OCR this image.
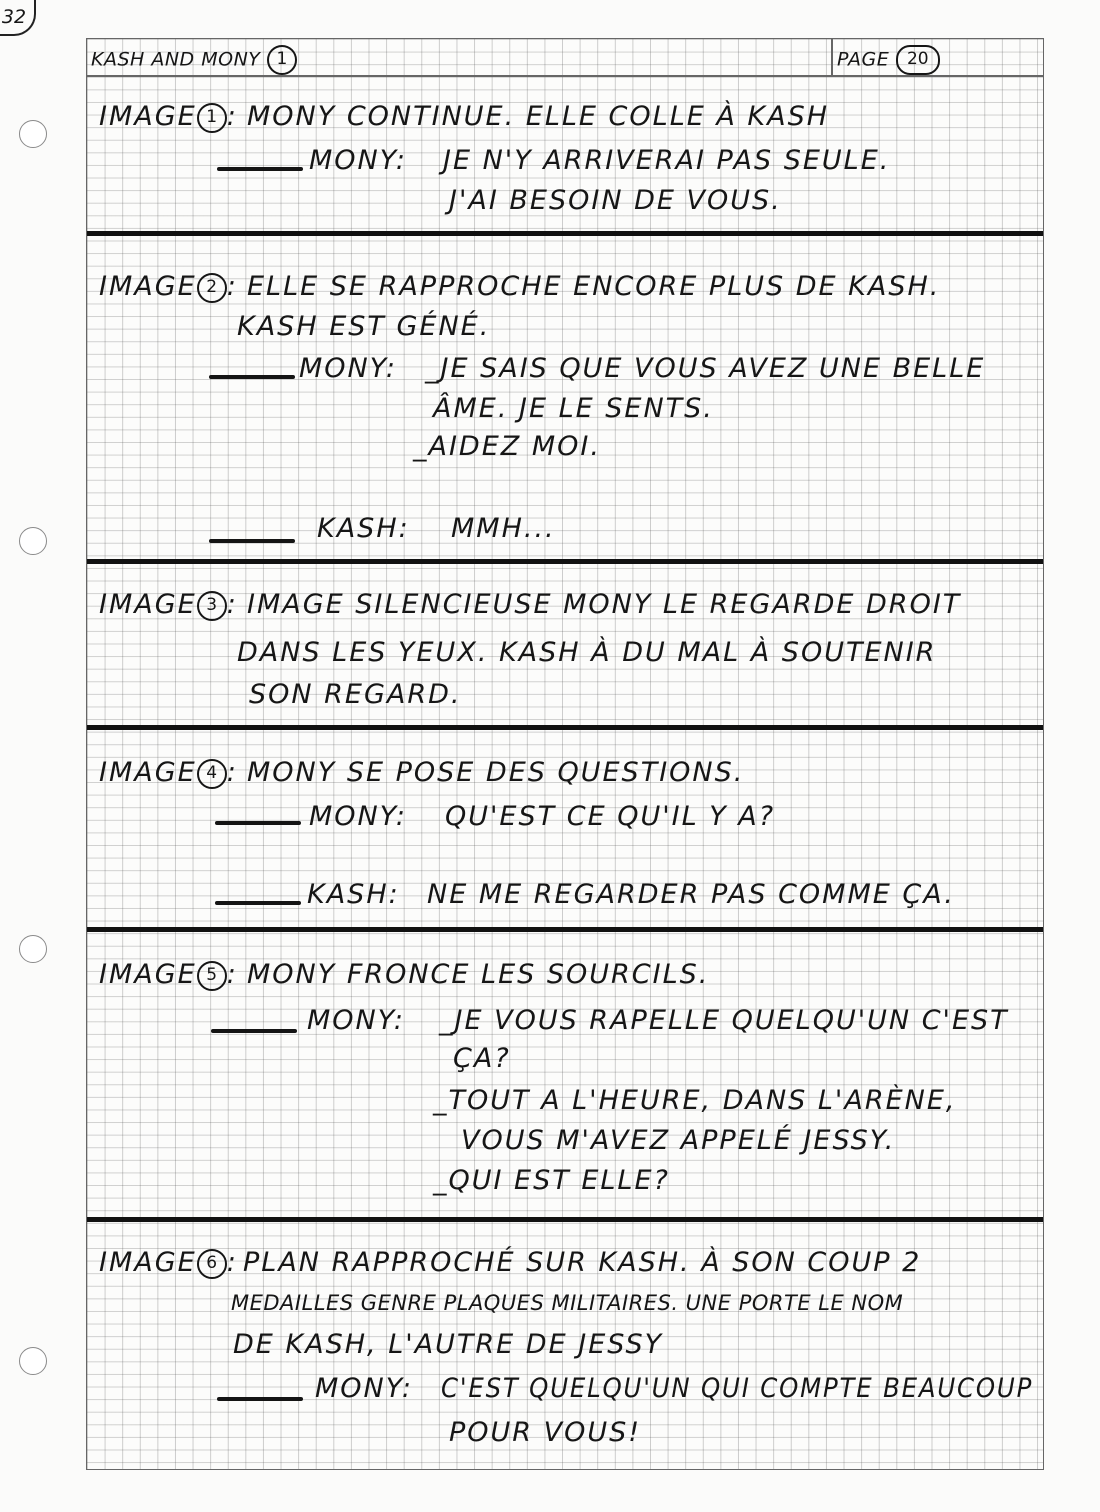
32
KASH AND MONY 1	PAGE 20
IMAGE 1 : MONY CONTINUE. ELLE COLLE À KASH
MONY: JE N'Y ARRIVERAI PAS SEULE.
J'AI BESOIN DE VOUS.
IMAGE 2 : ELLE SE RAPPROCHE ENCORE PLUS DE KASH.
KASH EST GÉNÉ.
MONY: _JE SAIS QUE VOUS AVEZ UNE BELLE
ÂME. JE LE SENTS.
_AIDEZ MOI.
KASH: MMH...
IMAGE 3 : IMAGE SILENCIEUSE MONY LE REGARDE DROIT
DANS LES YEUX. KASH À DU MAL À SOUTENIR
SON REGARD.
IMAGE 4 : MONY SE POSE DES QUESTIONS.
MONY: QU'EST CE QU'IL Y A?
KASH: NE ME REGARDER PAS COMME ÇA.
IMAGE 5 : MONY FRONCE LES SOURCILS.
MONY: _JE VOUS RAPELLE QUELQU'UN C'EST
ÇA?
_TOUT A L'HEURE, DANS L'ARÈNE,
VOUS M'AVEZ APPELÉ JESSY.
_QUI EST ELLE?
IMAGE 6 : PLAN RAPPROCHÉ SUR KASH. À SON COUP 2
MEDAILLES GENRE PLAQUES MILITAIRES. UNE PORTE LE NOM
DE KASH, L'AUTRE DE JESSY
MONY: C'EST QUELQU'UN QUI COMPTE BEAUCOUP
POUR VOUS!
